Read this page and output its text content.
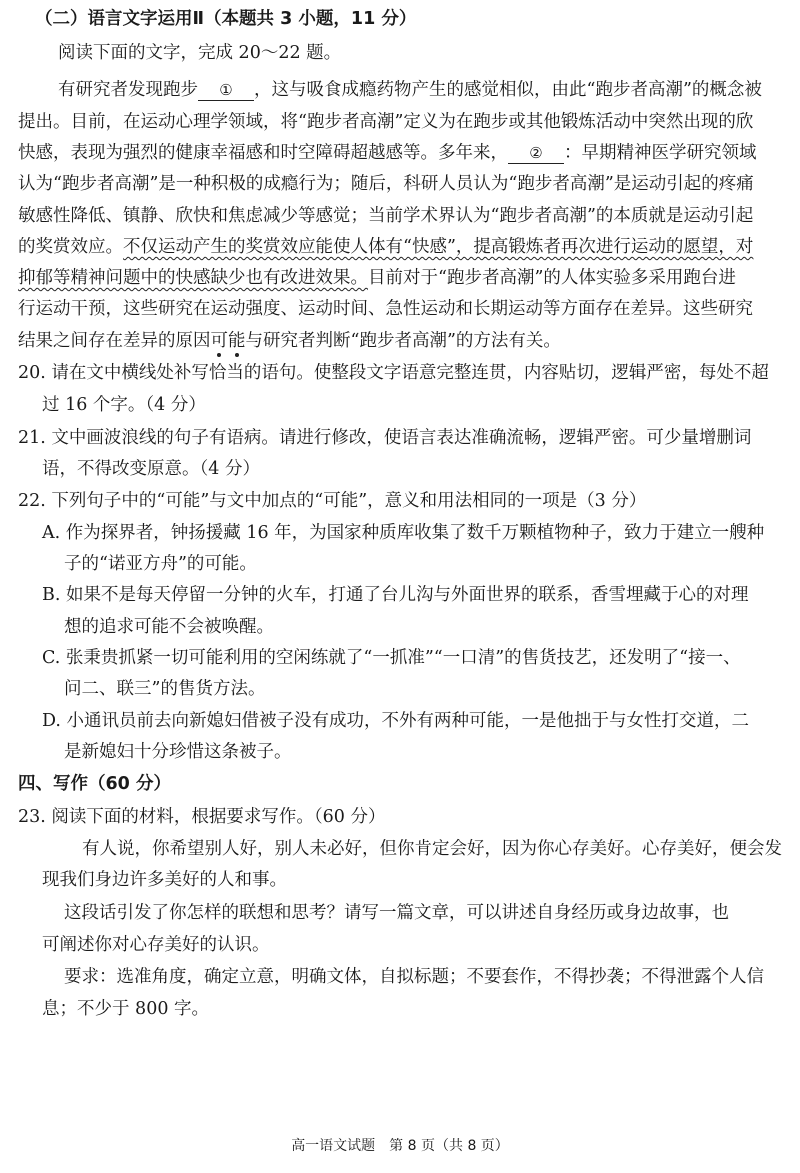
（二）语言文字运用Ⅱ（本题共 3 小题，11 分）
阅读下面的文字，完成 20～22 题。
有研究者发现跑步 ① ，这与吸食成瘾药物产生的感觉相似，由此“跑步者高潮”的概念被
提出。目前，在运动心理学领域，将“跑步者高潮”定义为在跑步或其他锻炼活动中突然出现的欣
快感，表现为强烈的健康幸福感和时空障碍超越感等。多年来， ② ：早期精神医学研究领域
认为“跑步者高潮”是一种积极的成瘾行为；随后，科研人员认为“跑步者高潮”是运动引起的疼痛
敏感性降低、镇静、欣快和焦虑减少等感觉；当前学术界认为“跑步者高潮”的本质就是运动引起
的奖赏效应。不仅运动产生的奖赏效应能使人体有“快感”，提高锻炼者再次进行运动的愿望，对
抑郁等精神问题中的快感缺少也有改进效果。目前对于“跑步者高潮”的人体实验多采用跑台进
行运动干预，这些研究在运动强度、运动时间、急性运动和长期运动等方面存在差异。这些研究
结果之间存在差异的原因可能与研究者判断“跑步者高潮”的方法有关。
20. 请在文中横线处补写恰当的语句。使整段文字语意完整连贯，内容贴切，逻辑严密，每处不超
过 16 个字。（4 分）
21. 文中画波浪线的句子有语病。请进行修改，使语言表达准确流畅，逻辑严密。可少量增删词
语，不得改变原意。（4 分）
22. 下列句子中的“可能”与文中加点的“可能”，意义和用法相同的一项是（3 分）
A. 作为探界者，钟扬援藏 16 年，为国家种质库收集了数千万颗植物种子，致力于建立一艘种
子的“诺亚方舟”的可能。
B. 如果不是每天停留一分钟的火车，打通了台儿沟与外面世界的联系，香雪埋藏于心的对理
想的追求可能不会被唤醒。
C. 张秉贵抓紧一切可能利用的空闲练就了“一抓准”“一口清”的售货技艺，还发明了“接一、
问二、联三”的售货方法。
D. 小通讯员前去向新媳妇借被子没有成功，不外有两种可能，一是他拙于与女性打交道，二
是新媳妇十分珍惜这条被子。
四、写作（60 分）
23. 阅读下面的材料，根据要求写作。（60 分）
有人说，你希望别人好，别人未必好，但你肯定会好，因为你心存美好。心存美好，便会发
现我们身边许多美好的人和事。
这段话引发了你怎样的联想和思考？请写一篇文章，可以讲述自身经历或身边故事，也
可阐述你对心存美好的认识。
要求：选准角度，确定立意，明确文体，自拟标题；不要套作，不得抄袭；不得泄露个人信
息；不少于 800 字。
高一语文试题　第 8 页（共 8 页）
